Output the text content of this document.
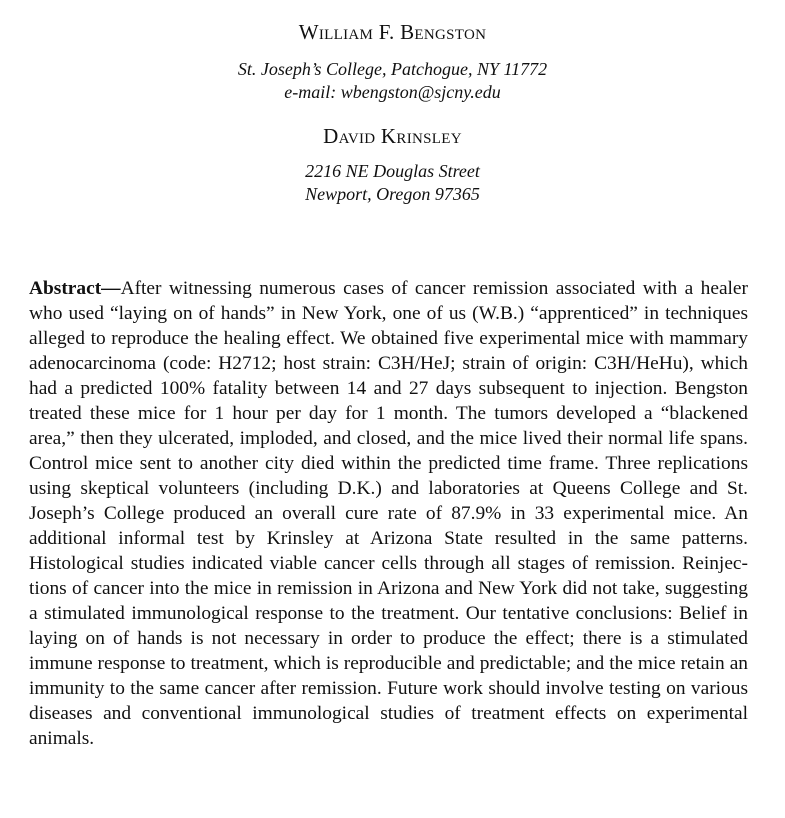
William F. Bengston
St. Joseph’s College, Patchogue, NY 11772
e-mail: wbengston@sjcny.edu
David Krinsley
2216 NE Douglas Street
Newport, Oregon 97365

Abstract—After witnessing numerous cases of cancer remission associated with a healer who used “laying on of hands” in New York, one of us (W.B.) “apprenticed” in techniques alleged to reproduce the healing effect. We obtained five experimental mice with mammary adenocarcinoma (code: H2712; host strain: C3H/HeJ; strain of origin: C3H/HeHu), which had a predicted 100% fatality between 14 and 27 days subsequent to injection. Bengston treated these mice for 1 hour per day for 1 month. The tumors developed a “blackened area,” then they ulcerated, imploded, and closed, and the mice lived their normal life spans. Control mice sent to another city died within the predicted time frame. Three replications using skeptical volunteers (including D.K.) and laboratories at Queens College and St. Joseph’s College produced an overall cure rate of 87.9% in 33 experimental mice. An additional informal test by Krinsley at Arizona State resulted in the same patterns. Histological studies indicated viable cancer cells through all stages of remission. Reinjections of cancer into the mice in remission in Arizona and New York did not take, suggesting a stimulated immunological response to the treatment. Our tentative conclusions: Belief in laying on of hands is not necessary in order to produce the effect; there is a stimulated immune response to treatment, which is reproducible and predictable; and the mice retain an immunity to the same cancer after remission. Future work should involve testing on various diseases and conventional immunological studies of treatment effects on experimental animals.
